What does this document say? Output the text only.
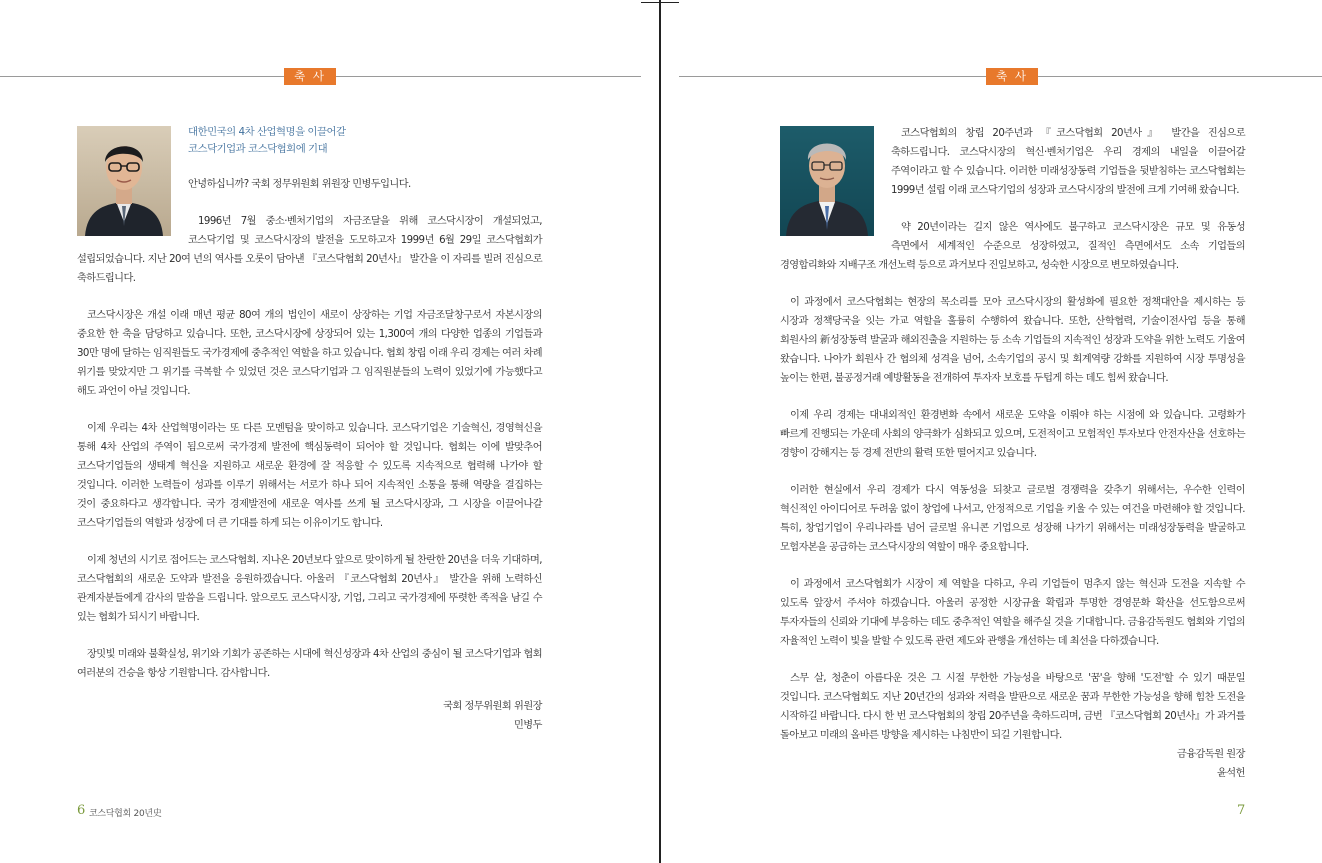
축 사
대한민국의 4차 산업혁명을 이끌어갈
코스닥기업과 코스닥협회에 기대

안녕하십니까? 국회 정무위원회 위원장 민병두입니다.

1996년 7월 중소·벤처기업의 자금조달을 위해 코스닥시장이 개설되었고, 코스닥기업 및 코스닥시장의 발전을 도모하고자 1999년 6월 29일 코스닥협회가 설립되었습니다. 지난 20여 년의 역사를 오롯이 담아낸 『코스닥협회 20년사』 발간을 이 자리를 빌려 진심으로 축하드립니다.

코스닥시장은 개설 이래 매년 평균 80여 개의 법인이 새로이 상장하는 기업 자금조달창구로서 자본시장의 중요한 한 축을 담당하고 있습니다. 또한, 코스닥시장에 상장되어 있는 1,300여 개의 다양한 업종의 기업들과 30만 명에 달하는 임직원들도 국가경제에 중추적인 역할을 하고 있습니다. 협회 창립 이래 우리 경제는 여러 차례 위기를 맞았지만 그 위기를 극복할 수 있었던 것은 코스닥기업과 그 임직원분들의 노력이 있었기에 가능했다고 해도 과언이 아닐 것입니다.

이제 우리는 4차 산업혁명이라는 또 다른 모멘텀을 맞이하고 있습니다. 코스닥기업은 기술혁신, 경영혁신을 통해 4차 산업의 주역이 됨으로써 국가경제 발전에 핵심동력이 되어야 할 것입니다. 협회는 이에 발맞추어 코스닥기업들의 생태계 혁신을 지원하고 새로운 환경에 잘 적응할 수 있도록 지속적으로 협력해 나가야 할 것입니다. 이러한 노력들이 성과를 이루기 위해서는 서로가 하나 되어 지속적인 소통을 통해 역량을 결집하는 것이 중요하다고 생각합니다. 국가 경제발전에 새로운 역사를 쓰게 될 코스닥시장과, 그 시장을 이끌어나갈 코스닥기업들의 역할과 성장에 더 큰 기대를 하게 되는 이유이기도 합니다.

이제 청년의 시기로 접어드는 코스닥협회. 지나온 20년보다 앞으로 맞이하게 될 찬란한 20년을 더욱 기대하며, 코스닥협회의 새로운 도약과 발전을 응원하겠습니다. 아울러 『코스닥협회 20년사』 발간을 위해 노력하신 관계자분들에게 감사의 말씀을 드립니다. 앞으로도 코스닥시장, 기업, 그리고 국가경제에 뚜렷한 족적을 남길 수 있는 협회가 되시기 바랍니다.

장밋빛 미래와 불확실성, 위기와 기회가 공존하는 시대에 혁신성장과 4차 산업의 중심이 될 코스닥기업과 협회 여러분의 건승을 항상 기원합니다. 감사합니다.

국회 정무위원회 위원장
민병두
6 코스닥협회 20년史
축 사

코스닥협회의 창립 20주년과 『코스닥협회 20년사』 발간을 진심으로 축하드립니다. 코스닥시장의 혁신·벤처기업은 우리 경제의 내일을 이끌어갈 주역이라고 할 수 있습니다. 이러한 미래성장동력 기업들을 뒷받침하는 코스닥협회는 1999년 설립 이래 코스닥기업의 성장과 코스닥시장의 발전에 크게 기여해 왔습니다.

약 20년이라는 길지 않은 역사에도 불구하고 코스닥시장은 규모 및 유동성 측면에서 세계적인 수준으로 성장하였고, 질적인 측면에서도 소속 기업들의 경영합리화와 지배구조 개선노력 등으로 과거보다 진일보하고, 성숙한 시장으로 변모하였습니다.

이 과정에서 코스닥협회는 현장의 목소리를 모아 코스닥시장의 활성화에 필요한 정책대안을 제시하는 등 시장과 정책당국을 잇는 가교 역할을 훌륭히 수행하여 왔습니다. 또한, 산학협력, 기술이전사업 등을 통해 회원사의 新성장동력 발굴과 해외진출을 지원하는 등 소속 기업들의 지속적인 성장과 도약을 위한 노력도 기울여 왔습니다. 나아가 회원사 간 협의체 성격을 넘어, 소속기업의 공시 및 회계역량 강화를 지원하여 시장 투명성을 높이는 한편, 불공정거래 예방활동을 전개하여 투자자 보호를 두텁게 하는 데도 힘써 왔습니다.

이제 우리 경제는 대내외적인 환경변화 속에서 새로운 도약을 이뤄야 하는 시점에 와 있습니다. 고령화가 빠르게 진행되는 가운데 사회의 양극화가 심화되고 있으며, 도전적이고 모험적인 투자보다 안전자산을 선호하는 경향이 강해지는 등 경제 전반의 활력 또한 떨어지고 있습니다.

이러한 현실에서 우리 경제가 다시 역동성을 되찾고 글로벌 경쟁력을 갖추기 위해서는, 우수한 인력이 혁신적인 아이디어로 두려움 없이 창업에 나서고, 안정적으로 기업을 키울 수 있는 여건을 마련해야 할 것입니다. 특히, 창업기업이 우리나라를 넘어 글로벌 유니콘 기업으로 성장해 나가기 위해서는 미래성장동력을 발굴하고 모험자본을 공급하는 코스닥시장의 역할이 매우 중요합니다.

이 과정에서 코스닥협회가 시장이 제 역할을 다하고, 우리 기업들이 멈추지 않는 혁신과 도전을 지속할 수 있도록 앞장서 주셔야 하겠습니다. 아울러 공정한 시장규율 확립과 투명한 경영문화 확산을 선도함으로써 투자자들의 신뢰와 기대에 부응하는 데도 중추적인 역할을 해주실 것을 기대합니다. 금융감독원도 협회와 기업의 자율적인 노력이 빛을 발할 수 있도록 관련 제도와 관행을 개선하는 데 최선을 다하겠습니다.

스무 살, 청춘이 아름다운 것은 그 시절 무한한 가능성을 바탕으로 '꿈'을 향해 '도전'할 수 있기 때문일 것입니다. 코스닥협회도 지난 20년간의 성과와 저력을 발판으로 새로운 꿈과 무한한 가능성을 향해 힘찬 도전을 시작하길 바랍니다. 다시 한 번 코스닥협회의 창립 20주년을 축하드리며, 금번 『코스닥협회 20년사』가 과거를 돌아보고 미래의 올바른 방향을 제시하는 나침반이 되길 기원합니다.

금융감독원 원장
윤석헌
7
